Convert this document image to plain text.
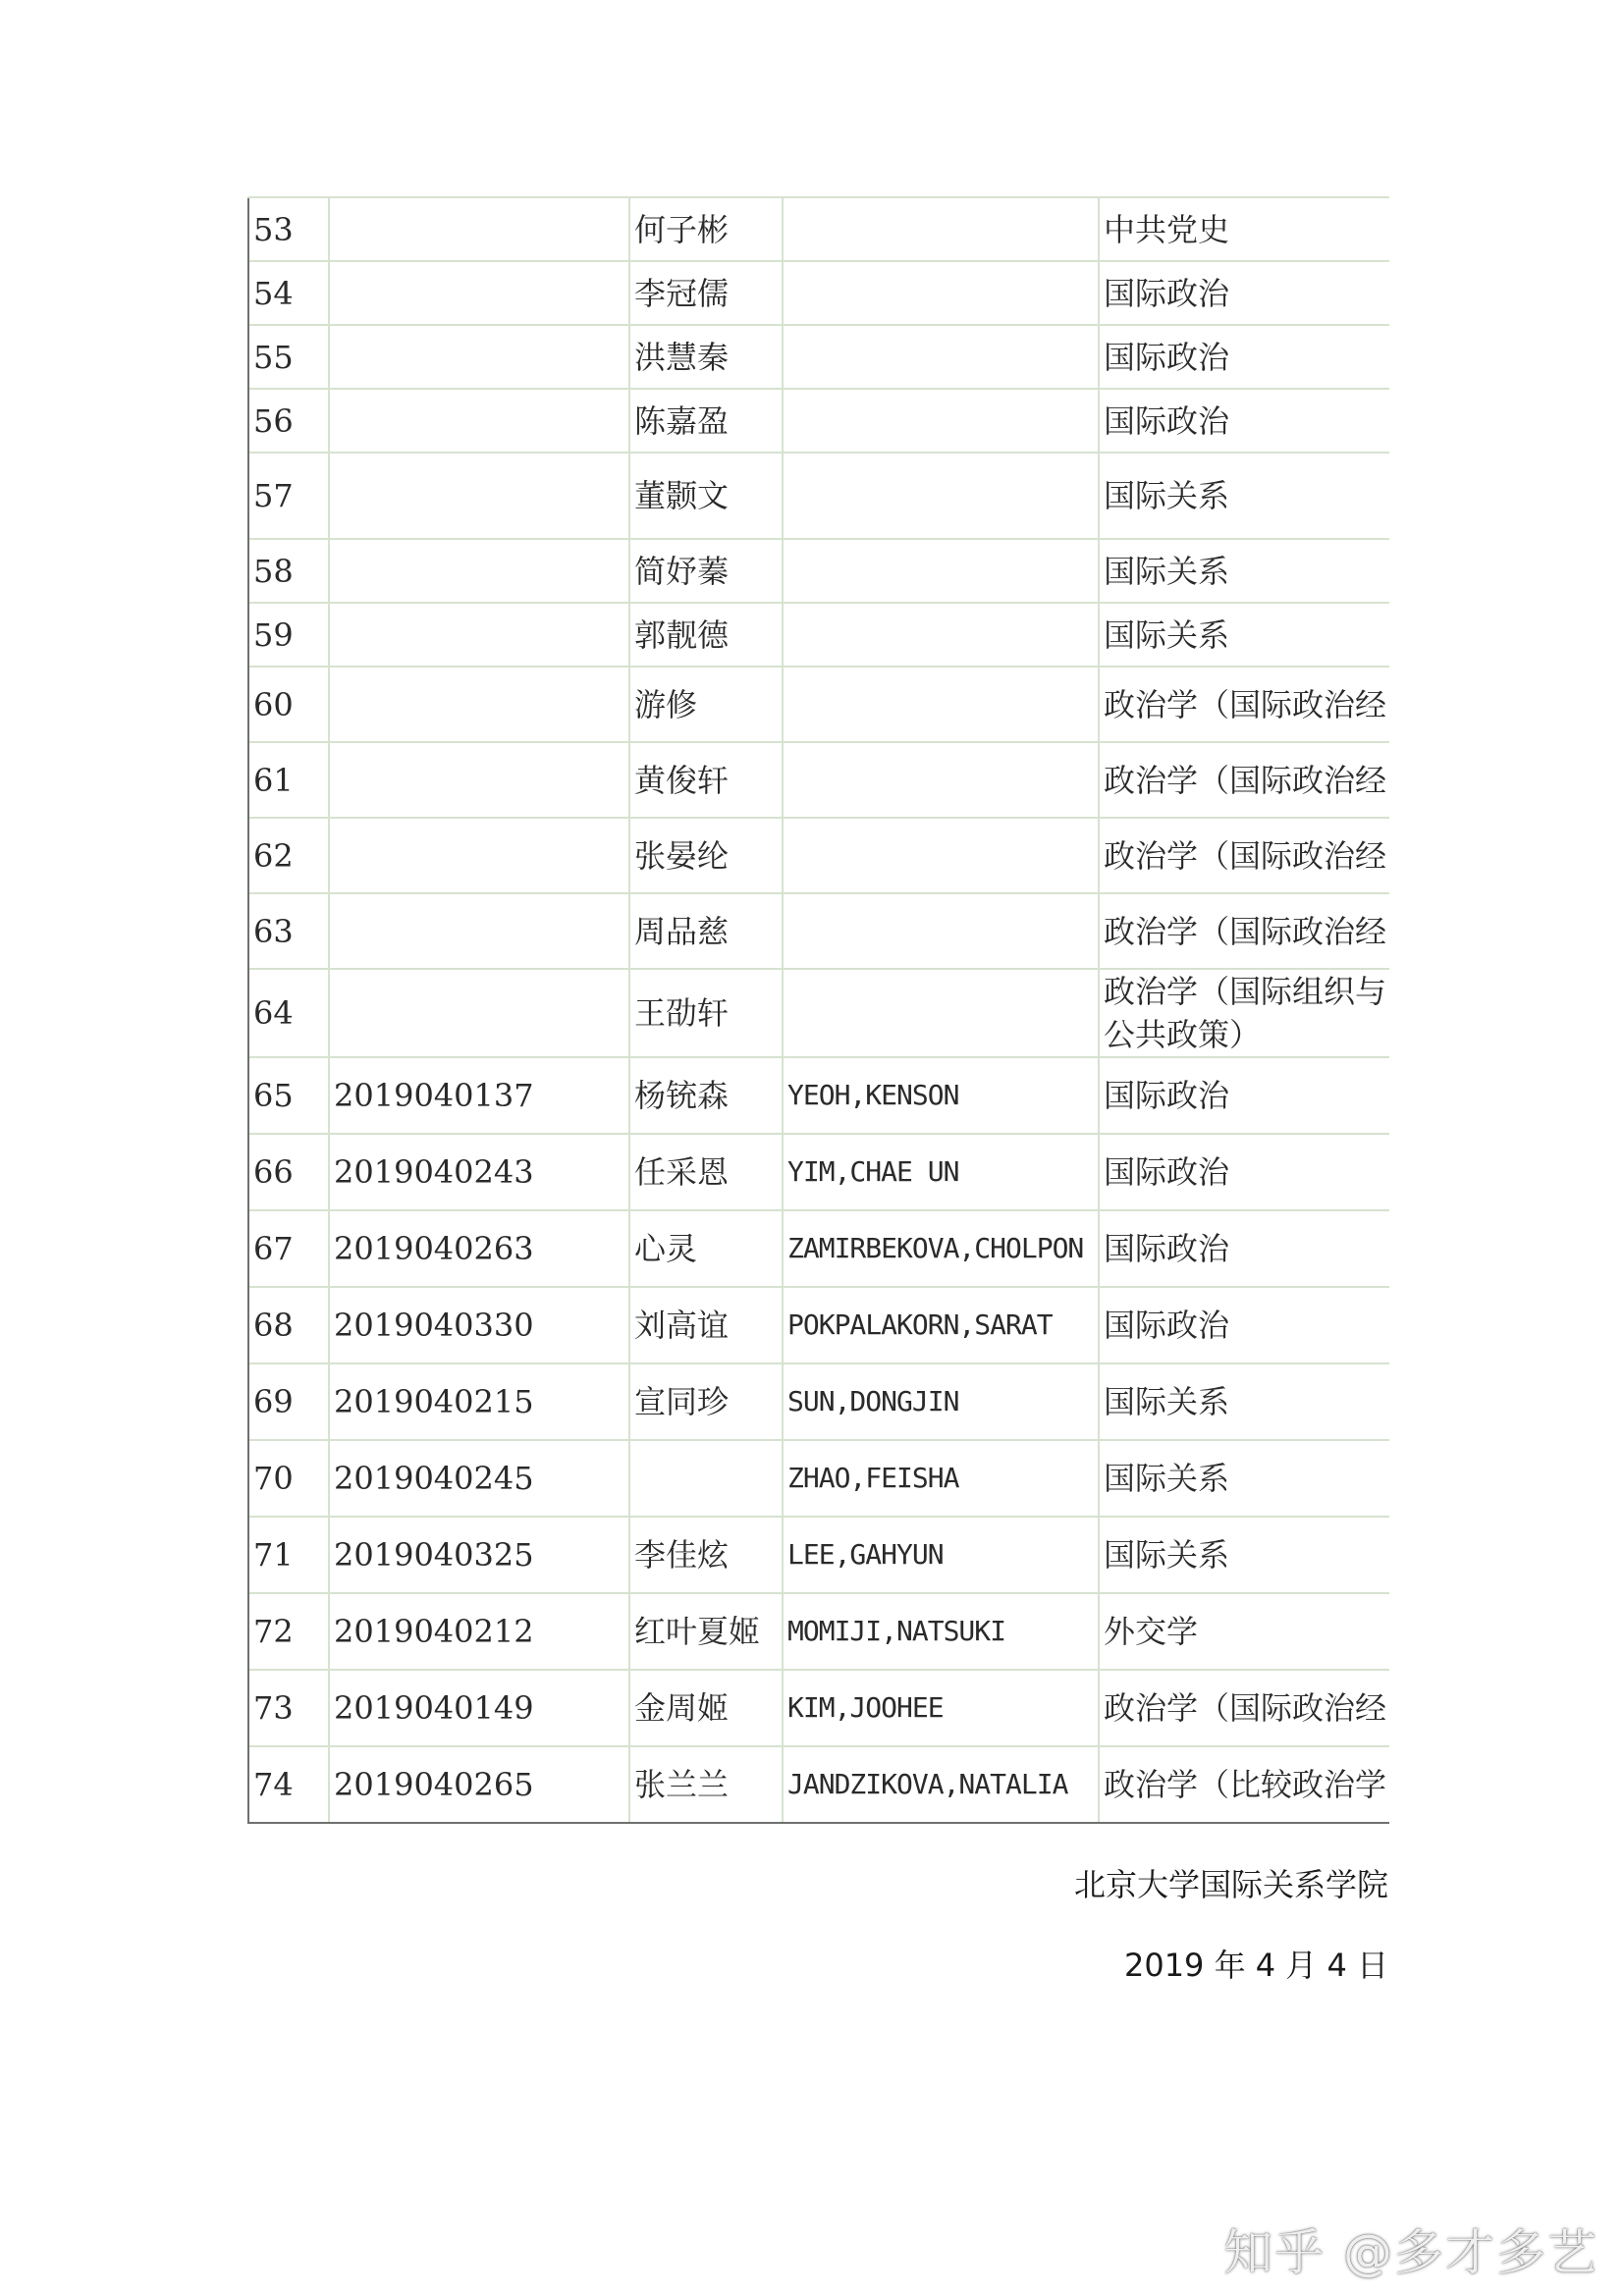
53		何子彬		中共党史
54		李冠儒		国际政治
55		洪慧秦		国际政治
56		陈嘉盈		国际政治
57		董颢文		国际关系
58		简妤蓁		国际关系
59		郭靓德		国际关系
60		游修		政治学（国际政治经
61		黄俊轩		政治学（国际政治经
62		张晏纶		政治学（国际政治经
63		周品慈		政治学（国际政治经
64		王劭轩		政治学（国际组织与公共政策）
65	2019040137	杨铳森	YEOH,KENSON	国际政治
66	2019040243	任采恩	YIM,CHAE UN	国际政治
67	2019040263	心灵	ZAMIRBEKOVA,CHOLPON	国际政治
68	2019040330	刘高谊	POKPALAKORN,SARAT	国际政治
69	2019040215	宣同珍	SUN,DONGJIN	国际关系
70	2019040245		ZHAO,FEISHA	国际关系
71	2019040325	李佳炫	LEE,GAHYUN	国际关系
72	2019040212	红叶夏姬	MOMIJI,NATSUKI	外交学
73	2019040149	金周姬	KIM,JOOHEE	政治学（国际政治经
74	2019040265	张兰兰	JANDZIKOVA,NATALIA	政治学（比较政治学
北京大学国际关系学院
2019 年 4 月 4 日
知乎 @多才多艺
